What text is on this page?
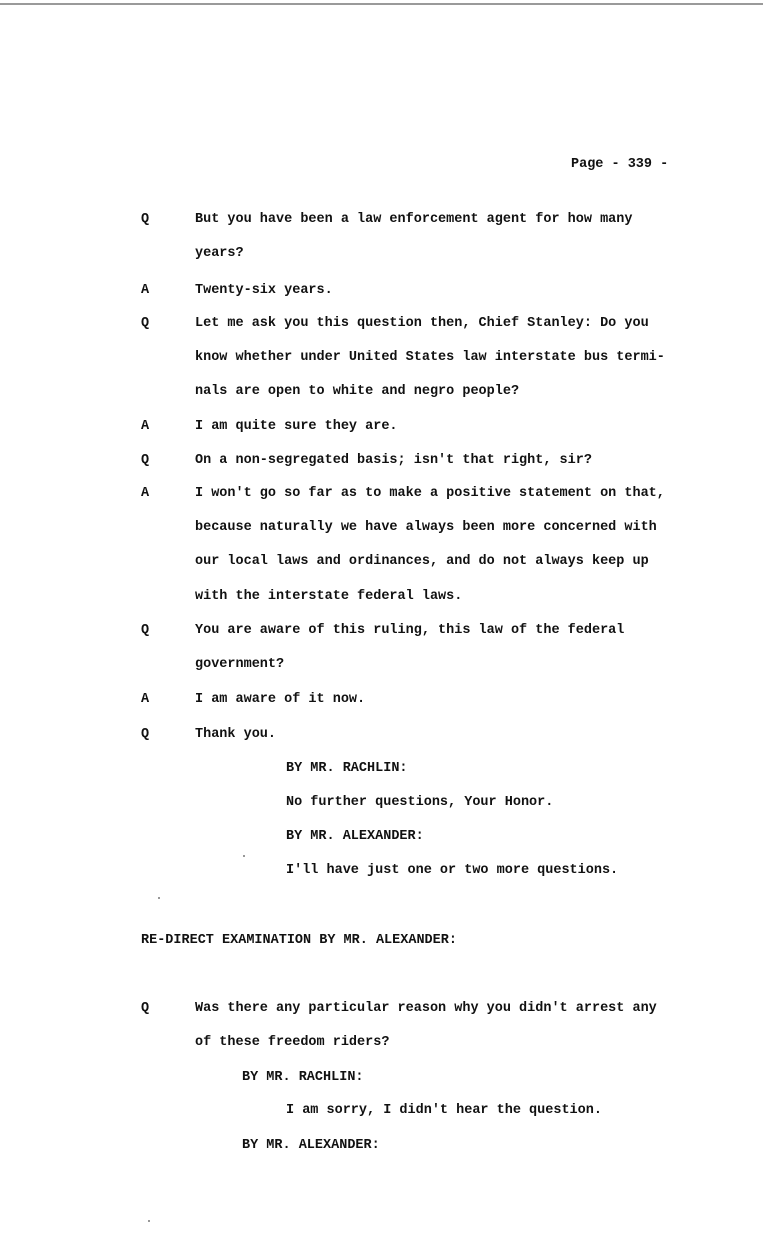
Page - 339 -
Q	But you have been a law enforcement agent for how many
years?
A	Twenty-six years.
Q	Let me ask you this question then, Chief Stanley: Do you
know whether under United States law interstate bus termi-
nals are open to white and negro people?
A	I am quite sure they are.
Q	On a non-segregated basis; isn't that right, sir?
A	I won't go so far as to make a positive statement on that,
because naturally we have always been more concerned with
our local laws and ordinances, and do not always keep up
with the interstate federal laws.
Q	You are aware of this ruling, this law of the federal
government?
A	I am aware of it now.
Q	Thank you.
BY MR. RACHLIN:
No further questions, Your Honor.
BY MR. ALEXANDER:
I'll have just one or two more questions.
RE-DIRECT EXAMINATION BY MR. ALEXANDER:
Q	Was there any particular reason why you didn't arrest any
of these freedom riders?
BY MR. RACHLIN:
I am sorry, I didn't hear the question.
BY MR. ALEXANDER:
